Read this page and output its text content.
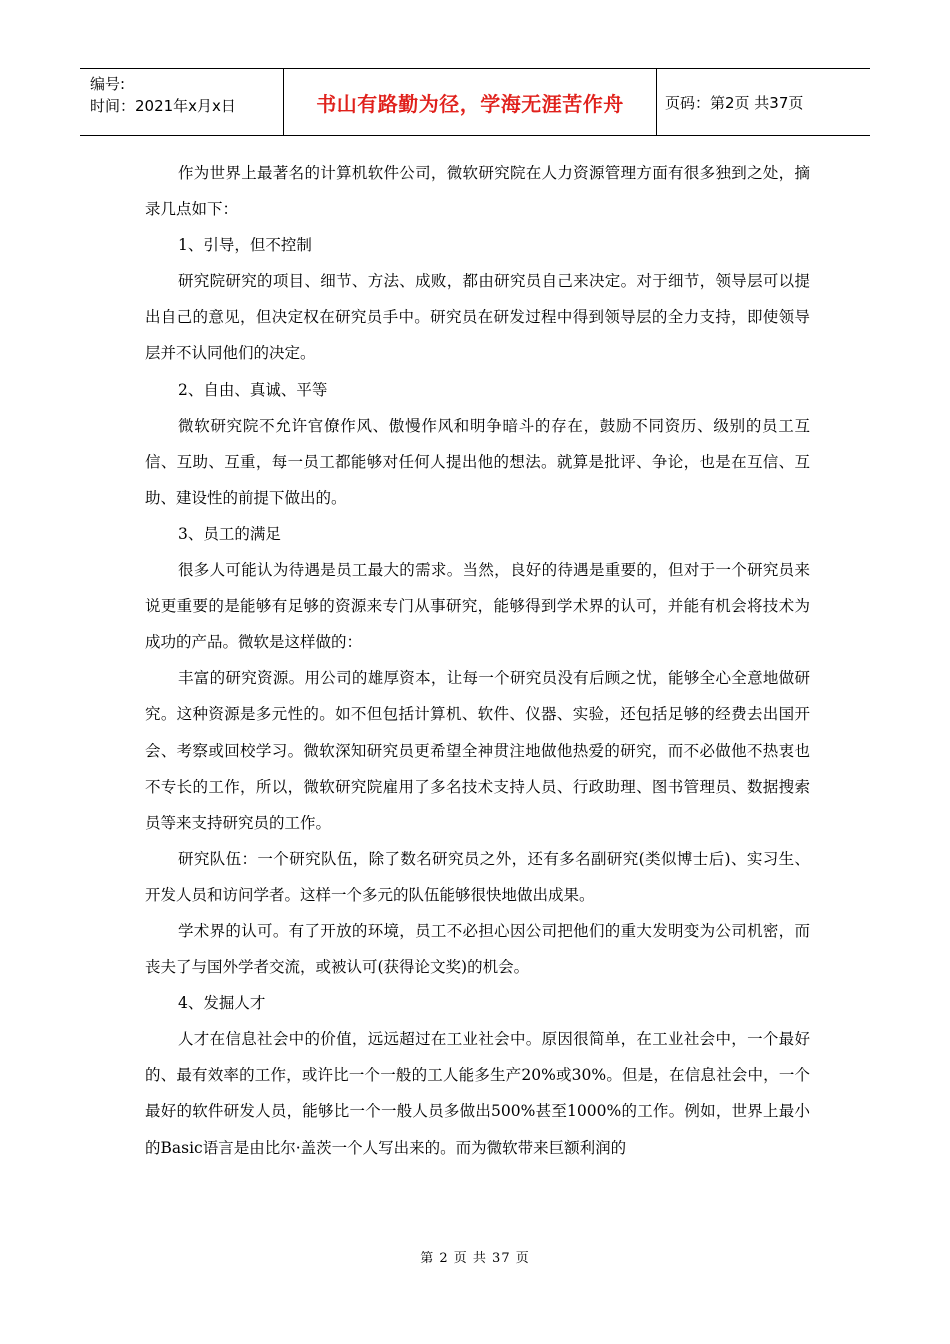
编号:
时间：2021年x月x日	书山有路勤为径，学海无涯苦作舟	页码：第2页 共37页

作为世界上最著名的计算机软件公司，微软研究院在人力资源管理方面有很多独到之处，摘录几点如下：

1、引导，但不控制

研究院研究的项目、细节、方法、成败，都由研究员自己来决定。对于细节，领导层可以提出自己的意见，但决定权在研究员手中。研究员在研发过程中得到领导层的全力支持，即使领导层并不认同他们的决定。

2、自由、真诚、平等

微软研究院不允许官僚作风、傲慢作风和明争暗斗的存在，鼓励不同资历、级别的员工互信、互助、互重，每一员工都能够对任何人提出他的想法。就算是批评、争论，也是在互信、互助、建设性的前提下做出的。

3、员工的满足

很多人可能认为待遇是员工最大的需求。当然，良好的待遇是重要的，但对于一个研究员来说更重要的是能够有足够的资源来专门从事研究，能够得到学术界的认可，并能有机会将技术为成功的产品。微软是这样做的：

丰富的研究资源。用公司的雄厚资本，让每一个研究员没有后顾之忧，能够全心全意地做研究。这种资源是多元性的。如不但包括计算机、软件、仪器、实验，还包括足够的经费去出国开会、考察或回校学习。微软深知研究员更希望全神贯注地做他热爱的研究，而不必做他不热衷也不专长的工作，所以，微软研究院雇用了多名技术支持人员、行政助理、图书管理员、数据搜索员等来支持研究员的工作。

研究队伍：一个研究队伍，除了数名研究员之外，还有多名副研究(类似博士后)、实习生、开发人员和访问学者。这样一个多元的队伍能够很快地做出成果。

学术界的认可。有了开放的环境，员工不必担心因公司把他们的重大发明变为公司机密，而丧夫了与国外学者交流，或被认可(获得论文奖)的机会。

4、发掘人才

人才在信息社会中的价值，远远超过在工业社会中。原因很简单，在工业社会中，一个最好的、最有效率的工作，或许比一个一般的工人能多生产20%或30%。但是，在信息社会中，一个最好的软件研发人员，能够比一个一般人员多做出500%甚至1000%的工作。例如，世界上最小的Basic语言是由比尔·盖茨一个人写出来的。而为微软带来巨额利润的

第 2 页 共 37 页
